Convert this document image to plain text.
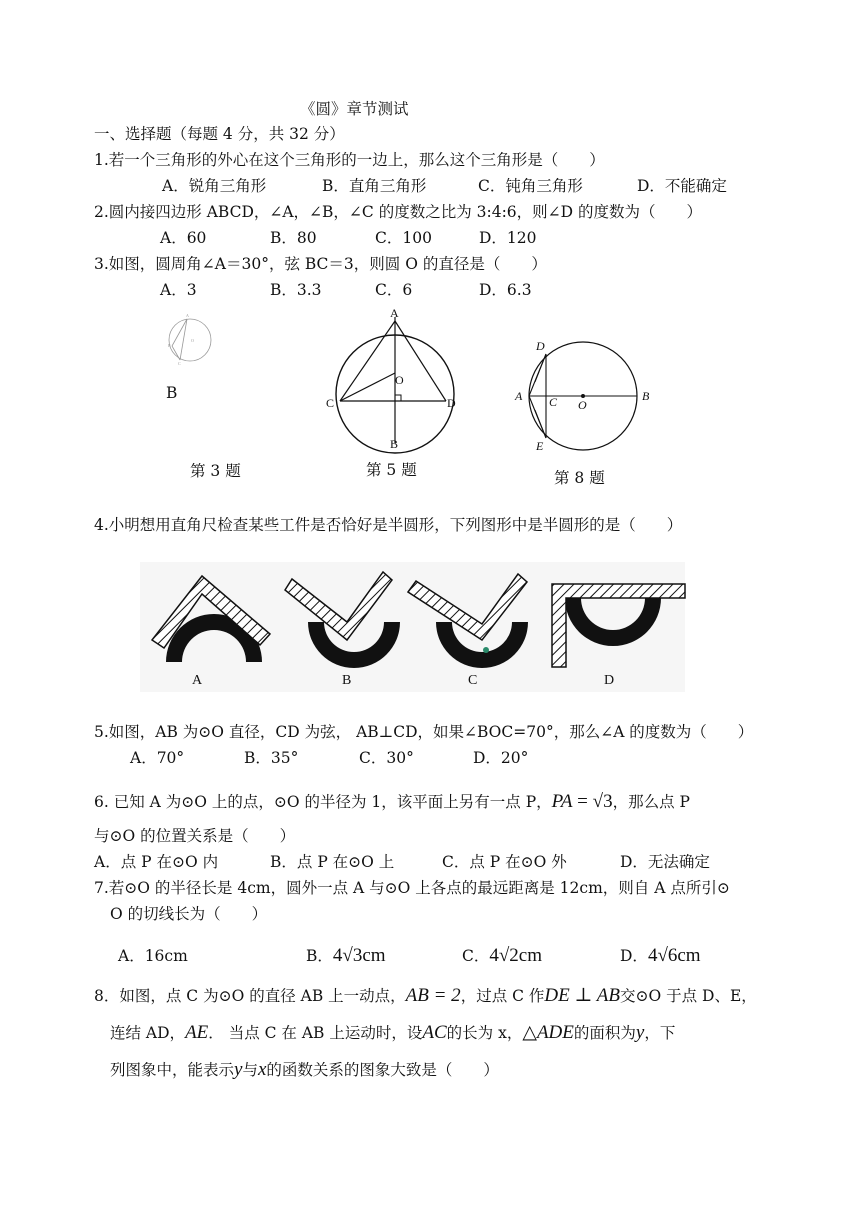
《圆》章节测试
一、选择题（每题 4 分，共 32 分）
1.若一个三角形的外心在这个三角形的一边上，那么这个三角形是（　　）
A．锐角三角形	B．直角三角形	C．钝角三角形	D．不能确定
2.圆内接四边形 ABCD，∠A，∠B，∠C 的度数之比为 3:4:6，则∠D 的度数为（　　）
A．60	B．80	C．100	D．120
3.如图，圆周角∠A＝30°，弦 BC＝3，则圆 O 的直径是（　　）
A．3	B．3.3	C．6	D．6.3
A
B
C
O
B
第 3 题
A
O
C	D
B
第 5 题
D
A C O
B
E
第 8 题
4.小明想用直角尺检查某些工件是否恰好是半圆形，下列图形中是半圆形的是（　　）
A	B	C	D
5.如图，AB 为⊙O 直径，CD 为弦， AB⊥CD，如果∠BOC=70°，那么∠A 的度数为（　　）
A．70°	B．35°	C．30°	D．20°
6. 已知 A 为⊙O 上的点，⊙O 的半径为 1，该平面上另有一点 P，PA = √3，那么点 P
与⊙O 的位置关系是（　　）
A．点 P 在⊙O 内	B．点 P 在⊙O 上	C．点 P 在⊙O 外	D．无法确定
7.若⊙O 的半径长是 4cm，圆外一点 A 与⊙O 上各点的最远距离是 12cm，则自 A 点所引⊙
O 的切线长为（　　）
A．16cm	B．4√3cm	C．4√2cm	D．4√6cm
8．如图，点 C 为⊙O 的直径 AB 上一动点，AB = 2，过点 C 作DE ⊥ AB交⊙O 于点 D、E，
连结 AD，AE． 当点 C 在 AB 上运动时，设AC的长为 x，△ADE的面积为y，下
列图象中，能表示y与x的函数关系的图象大致是（　　）
